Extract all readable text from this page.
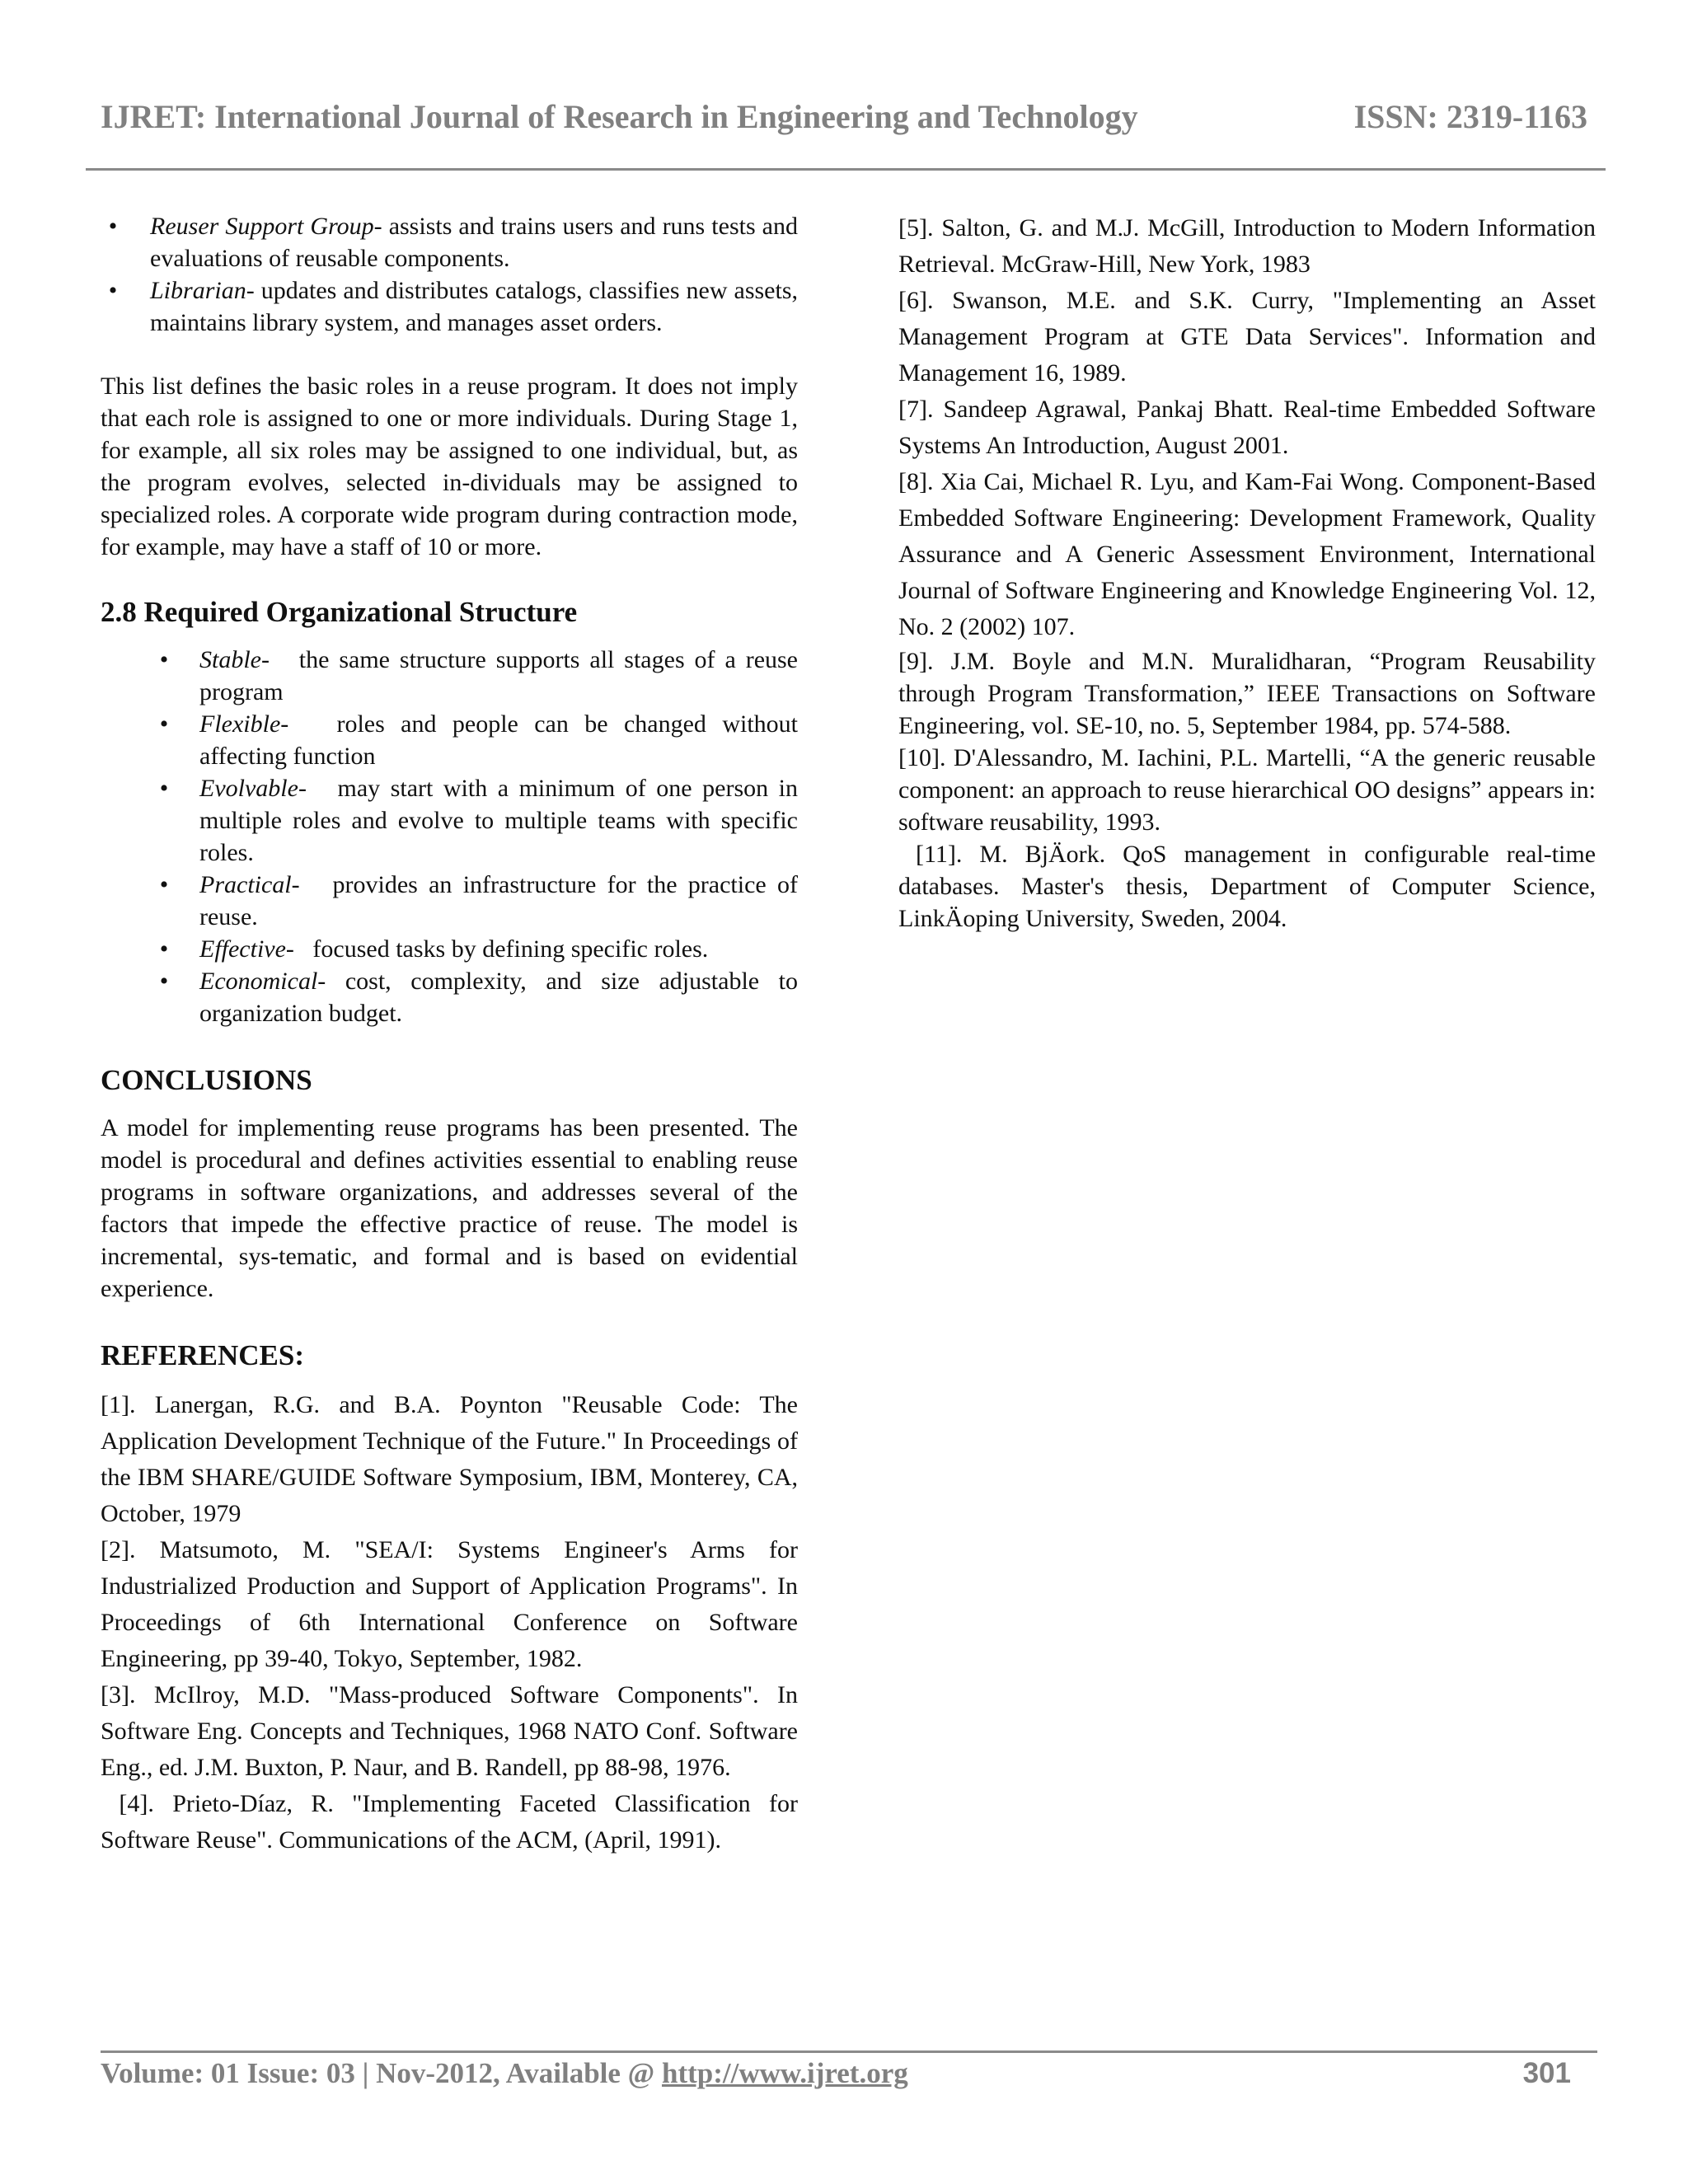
IJRET: International Journal of Research in Engineering and Technology	ISSN: 2319-1163
•	Reuser Support Group- assists and trains users and runs tests and evaluations of reusable components.
•	Librarian- updates and distributes catalogs, classifies new assets, maintains library system, and manages asset orders.

This list defines the basic roles in a reuse program. It does not imply that each role is assigned to one or more individuals. During Stage 1, for example, all six roles may be assigned to one individual, but, as the program evolves, selected in-dividuals may be assigned to specialized roles. A corporate wide program during contraction mode, for example, may have a staff of 10 or more.

2.8 Required Organizational Structure
•	Stable-   the same structure supports all stages of a reuse program
•	Flexible-   roles and people can be changed without affecting function
•	Evolvable-   may start with a minimum of one person in multiple roles and evolve to multiple teams with specific roles.
•	Practical-   provides an infrastructure for the practice of reuse.
•	Effective-   focused tasks by defining specific roles.
•	Economical- cost, complexity, and size adjustable to organization budget.
CONCLUSIONS

A model for implementing reuse programs has been presented. The model is procedural and defines activities essential to enabling reuse programs in software organizations, and addresses several of the factors that impede the effective practice of reuse. The model is incremental, sys-tematic, and formal and is based on evidential experience.

REFERENCES:

[1]. Lanergan, R.G. and B.A. Poynton "Reusable Code: The Application Development Technique of the Future." In Proceedings of the IBM SHARE/GUIDE Software Symposium, IBM, Monterey, CA, October, 1979

[2]. Matsumoto, M. "SEA/I: Systems Engineer's Arms for Industrialized Production and Support of Application Programs". In Proceedings of 6th International Conference on Software Engineering, pp 39-40, Tokyo, September, 1982.

[3]. McIlroy, M.D. "Mass-produced Software Components". In Software Eng. Concepts and Techniques, 1968 NATO Conf. Software Eng., ed. J.M. Buxton, P. Naur, and B. Randell, pp 88-98, 1976.

[4]. Prieto-Díaz, R. "Implementing Faceted Classification for Software Reuse". Communications of the ACM, (April, 1991).

[5]. Salton, G. and M.J. McGill, Introduction to Modern Information Retrieval. McGraw-Hill, New York, 1983

[6]. Swanson, M.E. and S.K. Curry, "Implementing an Asset Management Program at GTE Data Services". Information and Management 16, 1989.

[7]. Sandeep Agrawal, Pankaj Bhatt. Real-time Embedded Software Systems An Introduction, August 2001.

[8]. Xia Cai, Michael R. Lyu, and Kam-Fai Wong. Component-Based Embedded Software Engineering: Development Framework, Quality Assurance and A Generic Assessment Environment, International Journal of Software Engineering and Knowledge Engineering Vol. 12, No. 2 (2002) 107.

[9]. J.M. Boyle and M.N. Muralidharan, “Program Reusability through Program Transformation,” IEEE Transactions on Software Engineering, vol. SE-10, no. 5, September 1984, pp. 574-588.

[10]. D'Alessandro, M. Iachini, P.L. Martelli, “A the generic reusable component: an approach to reuse hierarchical OO designs” appears in: software reusability, 1993.

[11]. M. BjÄork. QoS management in configurable real-time databases. Master's thesis, Department of Computer Science, LinkÄoping University, Sweden, 2004.

Volume: 01 Issue: 03 | Nov-2012, Available @ http://www.ijret.org	301
